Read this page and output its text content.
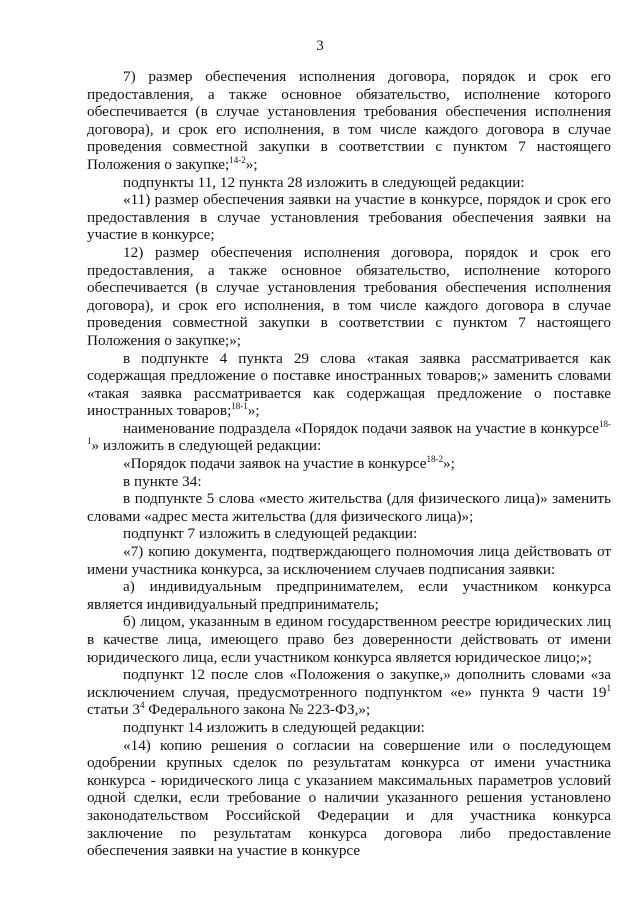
3

7) размер обеспечения исполнения договора, порядок и срок его предоставления, а также основное обязательство, исполнение которого обеспечивается (в случае установления требования обеспечения исполнения договора), и срок его исполнения, в том числе каждого договора в случае проведения совместной закупки в соответствии с пунктом 7 настоящего Положения о закупке;$^{14-2}$»;

подпункты 11, 12 пункта 28 изложить в следующей редакции:

«11) размер обеспечения заявки на участие в конкурсе, порядок и срок его предоставления в случае установления требования обеспечения заявки на участие в конкурсе;

12) размер обеспечения исполнения договора, порядок и срок его предоставления, а также основное обязательство, исполнение которого обеспечивается (в случае установления требования обеспечения исполнения договора), и срок его исполнения, в том числе каждого договора в случае проведения совместной закупки в соответствии с пунктом 7 настоящего Положения о закупке;»;

в подпункте 4 пункта 29 слова «такая заявка рассматривается как содержащая предложение о поставке иностранных товаров;» заменить словами «такая заявка рассматривается как содержащая предложение о поставке иностранных товаров;$^{18-1}$»;

наименование подраздела «Порядок подачи заявок на участие в конкурсе$^{18-1}$» изложить в следующей редакции:

«Порядок подачи заявок на участие в конкурсе$^{18-2}$»;

в пункте 34:

в подпункте 5 слова «место жительства (для физического лица)» заменить словами «адрес места жительства (для физического лица)»;

подпункт 7 изложить в следующей редакции:

«7) копию документа, подтверждающего полномочия лица действовать от имени участника конкурса, за исключением случаев подписания заявки:

а) индивидуальным предпринимателем, если участником конкурса является индивидуальный предприниматель;

б) лицом, указанным в едином государственном реестре юридических лиц в качестве лица, имеющего право без доверенности действовать от имени юридического лица, если участником конкурса является юридическое лицо;»;

подпункт 12 после слов «Положения о закупке,» дополнить словами «за исключением случая, предусмотренного подпунктом «е» пункта 9 части $19^1$ статьи $3^4$ Федерального закона № 223-ФЗ,»;

подпункт 14 изложить в следующей редакции:

«14) копию решения о согласии на совершение или о последующем одобрении крупных сделок по результатам конкурса от имени участника конкурса - юридического лица с указанием максимальных параметров условий одной сделки, если требование о наличии указанного решения установлено законодательством Российской Федерации и для участника конкурса заключение по результатам конкурса договора либо предоставление обеспечения заявки на участие в конкурсе
